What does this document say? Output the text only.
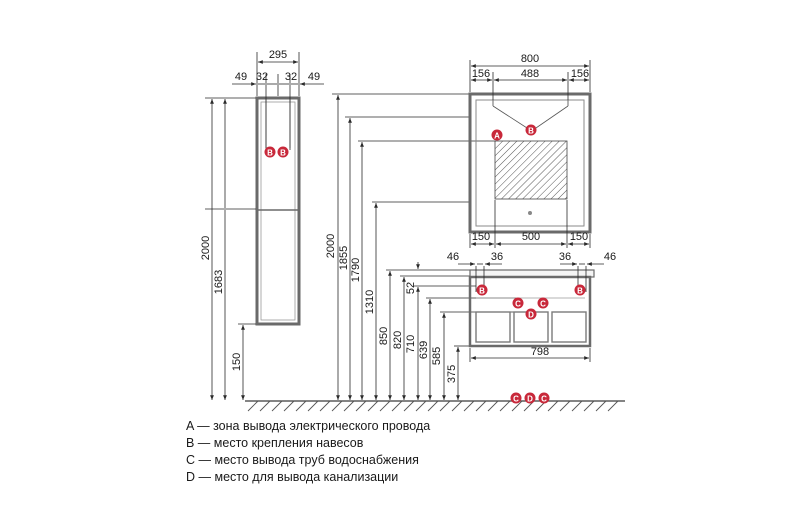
295
49 32 32 49
2000
1683
150
B B
2000 1855 1790
1310
850 820 710 639 585
375
52
800
156	488	156
150	500	150
A
B
46	36	36	46
798
B	B
C C
D
C D C
A — зона вывода электрического провода
B — место крепления навесов
C — место вывода труб водоснабжения
D — место для вывода канализации
